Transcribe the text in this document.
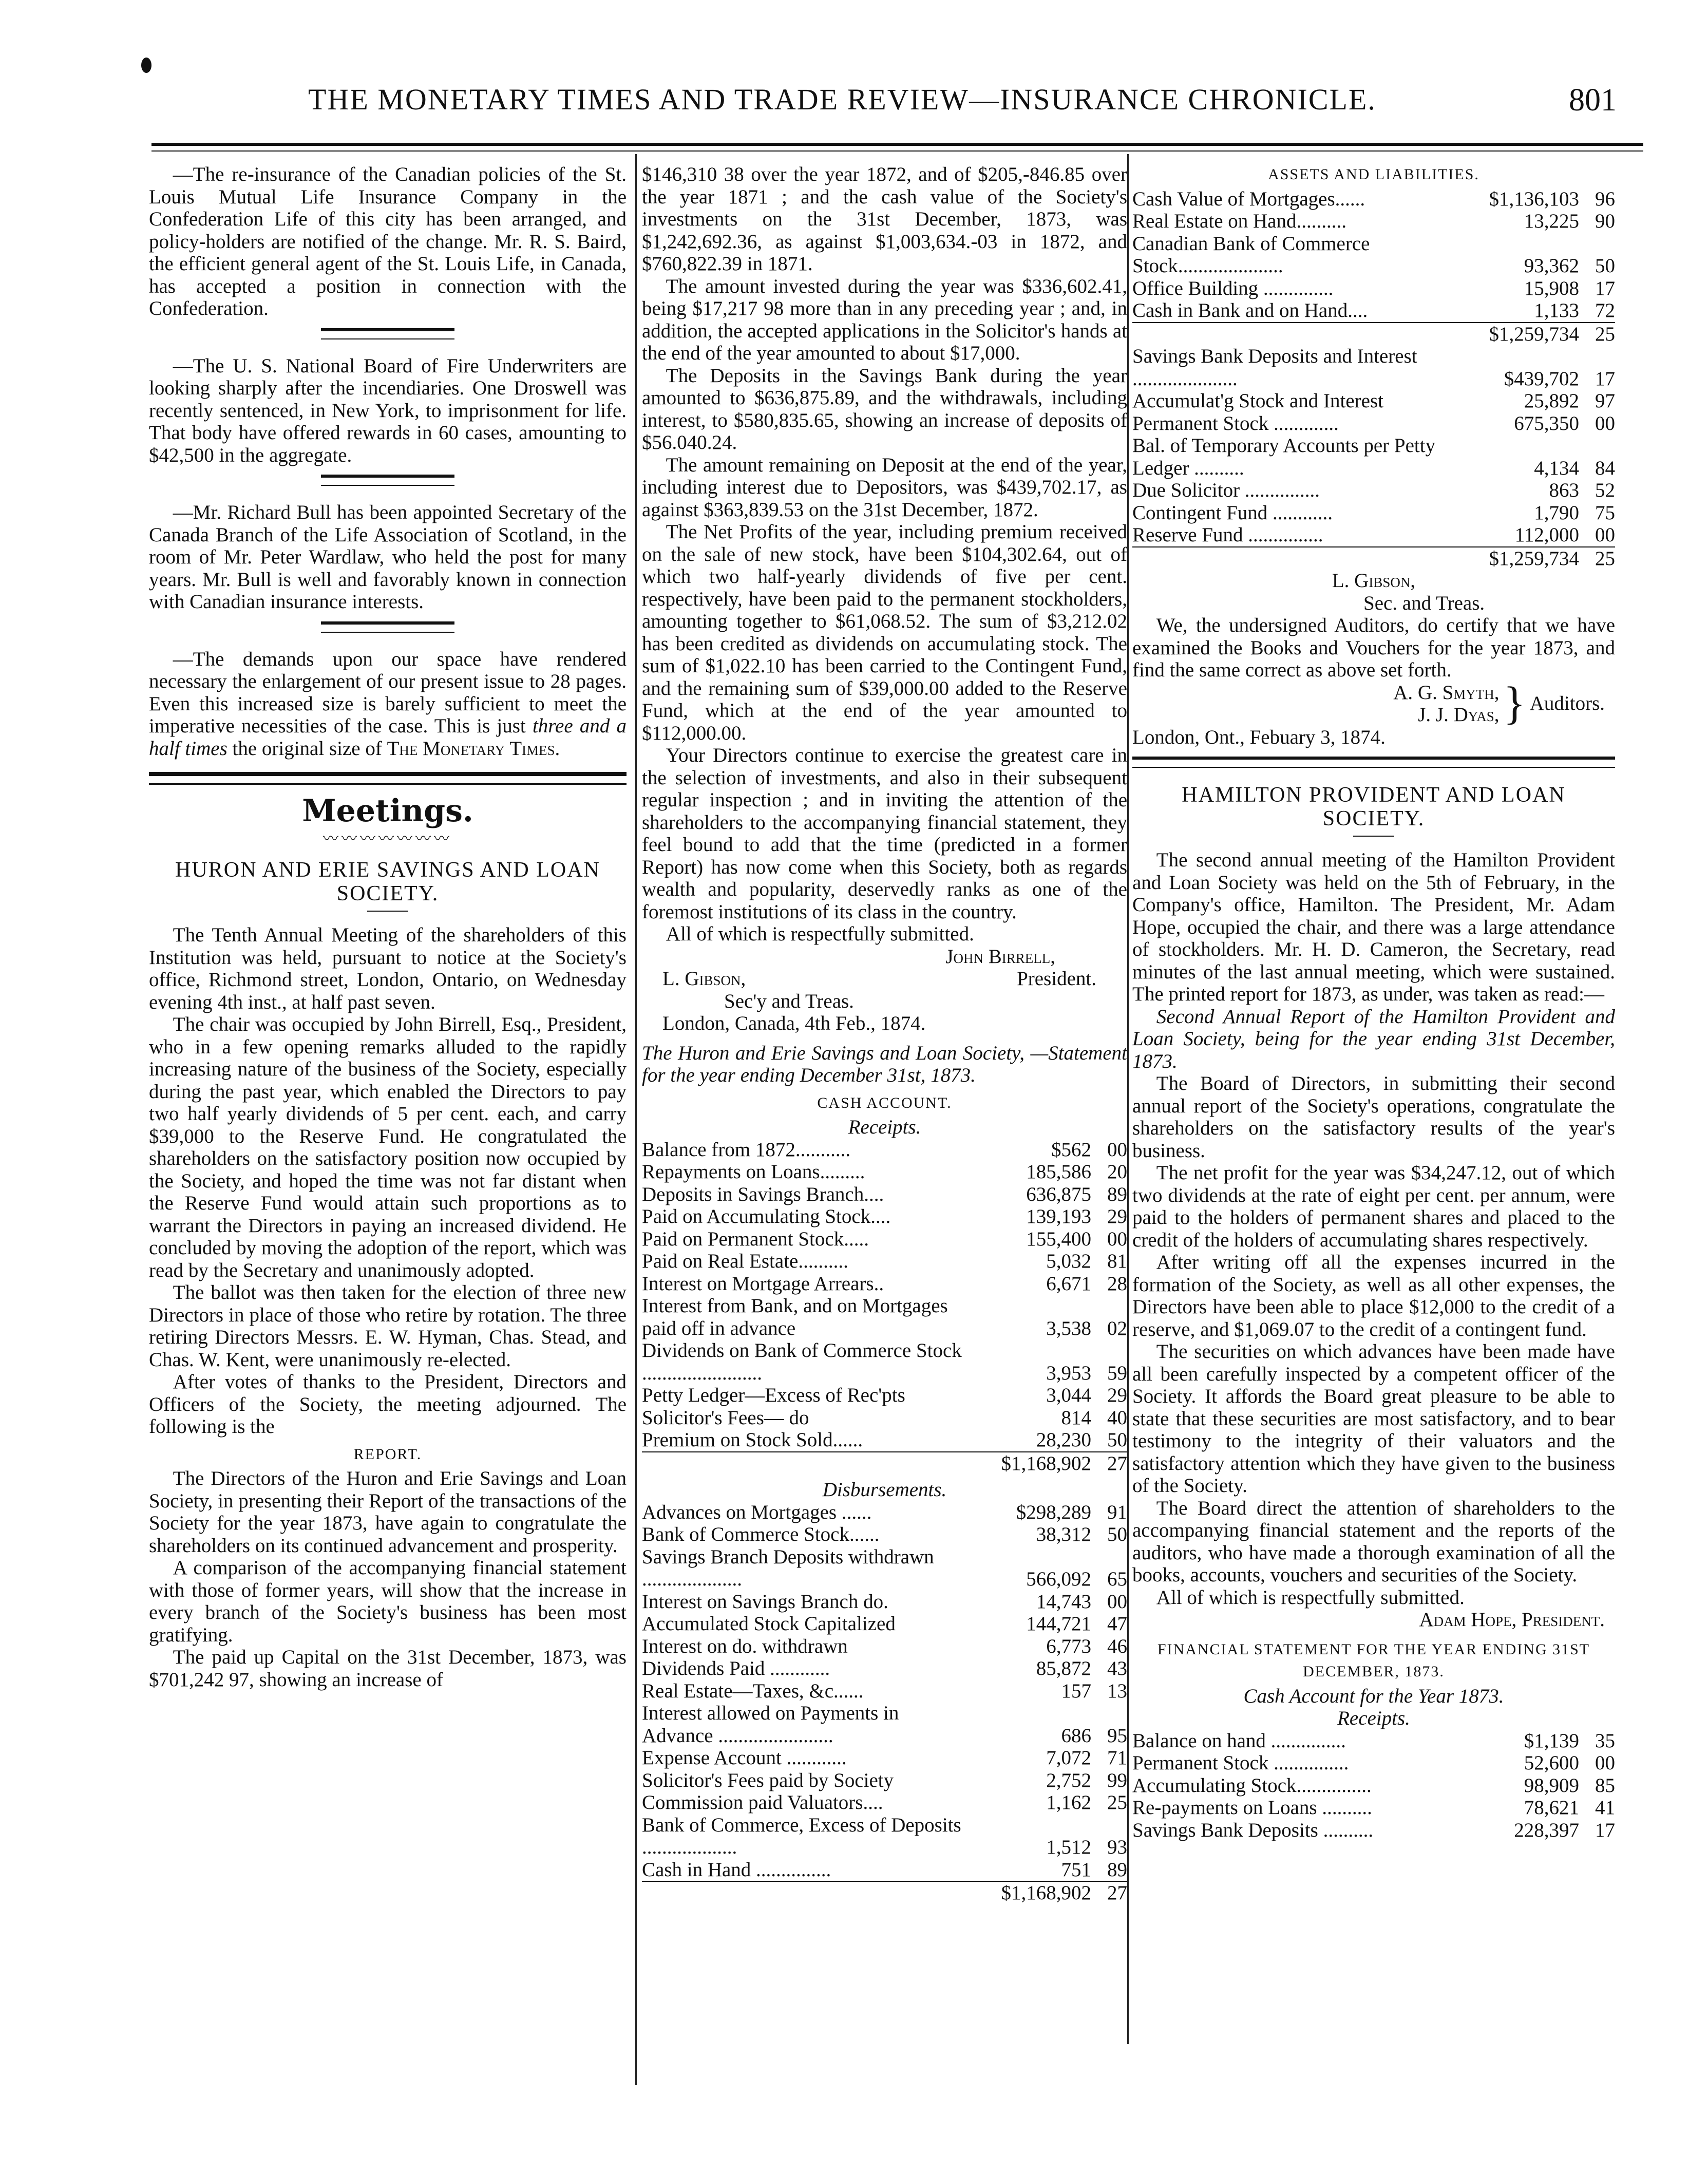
THE MONETARY TIMES AND TRADE REVIEW—INSURANCE CHRONICLE.	801

—The re-insurance of the Canadian policies of the St. Louis Mutual Life Insurance Company in the Confederation Life of this city has been arranged, and policy-holders are notified of the change. Mr. R. S. Baird, the efficient general agent of the St. Louis Life, in Canada, has accepted a position in connection with the Confederation.

—The U. S. National Board of Fire Underwriters are looking sharply after the incendiaries. One Droswell was recently sentenced, in New York, to imprisonment for life. That body have offered rewards in 60 cases, amounting to $42,500 in the aggregate.

—Mr. Richard Bull has been appointed Secretary of the Canada Branch of the Life Association of Scotland, in the room of Mr. Peter Wardlaw, who held the post for many years. Mr. Bull is well and favorably known in connection with Canadian insurance interests.

—The demands upon our space have rendered necessary the enlargement of our present issue to 28 pages. Even this increased size is barely sufficient to meet the imperative necessities of the case. This is just three and a half times the original size of The Monetary Times.

Meetings.
〰〰〰〰〰〰〰
HURON AND ERIE SAVINGS AND LOAN SOCIETY.

The Tenth Annual Meeting of the shareholders of this Institution was held, pursuant to notice at the Society's office, Richmond street, London, Ontario, on Wednesday evening 4th inst., at half past seven.

The chair was occupied by John Birrell, Esq., President, who in a few opening remarks alluded to the rapidly increasing nature of the business of the Society, especially during the past year, which enabled the Directors to pay two half yearly dividends of 5 per cent. each, and carry $39,000 to the Reserve Fund. He congratulated the shareholders on the satisfactory position now occupied by the Society, and hoped the time was not far distant when the Reserve Fund would attain such proportions as to warrant the Directors in paying an increased dividend. He concluded by moving the adoption of the report, which was read by the Secretary and unanimously adopted.

The ballot was then taken for the election of three new Directors in place of those who retire by rotation. The three retiring Directors Messrs. E. W. Hyman, Chas. Stead, and Chas. W. Kent, were unanimously re-elected.

After votes of thanks to the President, Directors and Officers of the Society, the meeting adjourned. The following is the

REPORT.

The Directors of the Huron and Erie Savings and Loan Society, in presenting their Report of the transactions of the Society for the year 1873, have again to congratulate the shareholders on its continued advancement and prosperity.

A comparison of the accompanying financial statement with those of former years, will show that the increase in every branch of the Society's business has been most gratifying.

The paid up Capital on the 31st December, 1873, was $701,242 97, showing an increase of

$146,310 38 over the year 1872, and of $205,-846.85 over the year 1871 ; and the cash value of the Society's investments on the 31st December, 1873, was $1,242,692.36, as against $1,003,634.-03 in 1872, and $760,822.39 in 1871.

The amount invested during the year was $336,602.41, being $17,217 98 more than in any preceding year ; and, in addition, the accepted applications in the Solicitor's hands at the end of the year amounted to about $17,000.

The Deposits in the Savings Bank during the year amounted to $636,875.89, and the withdrawals, including interest, to $580,835.65, showing an increase of deposits of $56.040.24.

The amount remaining on Deposit at the end of the year, including interest due to Depositors, was $439,702.17, as against $363,839.53 on the 31st December, 1872.

The Net Profits of the year, including premium received on the sale of new stock, have been $104,302.64, out of which two half-yearly dividends of five per cent. respectively, have been paid to the permanent stockholders, amounting together to $61,068.52. The sum of $3,212.02 has been credited as dividends on accumulating stock. The sum of $1,022.10 has been carried to the Contingent Fund, and the remaining sum of $39,000.00 added to the Reserve Fund, which at the end of the year amounted to $112,000.00.

Your Directors continue to exercise the greatest care in the selection of investments, and also in their subsequent regular inspection ; and in inviting the attention of the shareholders to the accompanying financial statement, they feel bound to add that the time (predicted in a former Report) has now come when this Society, both as regards wealth and popularity, deservedly ranks as one of the foremost institutions of its class in the country.

All of which is respectfully submitted.

John Birrell,

L. Gibson,	President.

Sec'y and Treas.

London, Canada, 4th Feb., 1874.

The Huron and Erie Savings and Loan Society, —Statement for the year ending December 31st, 1873.

CASH ACCOUNT.
Receipts.
Balance from 1872...........	$562	00
Repayments on Loans.........	185,586	20
Deposits in Savings Branch....	636,875	89
Paid on Accumulating Stock....	139,193	29
Paid on Permanent Stock.....	155,400	00
Paid on Real Estate..........	5,032	81
Interest on Mortgage Arrears..	6,671	28
Interest from Bank, and on Mortgages paid off in advance	3,538	02
Dividends on Bank of Commerce Stock ........................	3,953	59
Petty Ledger—Excess of Rec'pts	3,044	29
Solicitor's Fees— do	814	40
Premium on Stock Sold......	28,230	50
	$1,168,902	27
Disbursements.
Advances on Mortgages ......	$298,289	91
Bank of Commerce Stock......	38,312	50
Savings Branch Deposits withdrawn ....................	566,092	65
Interest on Savings Branch do.	14,743	00
Accumulated Stock Capitalized	144,721	47
Interest on do. withdrawn	6,773	46
Dividends Paid ............	85,872	43
Real Estate—Taxes, &c......	157	13
Interest allowed on Payments in Advance .......................	686	95
Expense Account ............	7,072	71
Solicitor's Fees paid by Society	2,752	99
Commission paid Valuators....	1,162	25
Bank of Commerce, Excess of Deposits ...................	1,512	93
Cash in Hand ...............	751	89
	$1,168,902	27
ASSETS AND LIABILITIES.
Cash Value of Mortgages......	$1,136,103	96
Real Estate on Hand..........	13,225	90
Canadian Bank of Commerce Stock.....................	93,362	50
Office Building ..............	15,908	17
Cash in Bank and on Hand....	1,133	72
	$1,259,734	25
Savings Bank Deposits and Interest .....................	$439,702	17
Accumulat'g Stock and Interest	25,892	97
Permanent Stock .............	675,350	00
Bal. of Temporary Accounts per Petty Ledger ..........	4,134	84
Due Solicitor ...............	863	52
Contingent Fund ............	1,790	75
Reserve Fund ...............	112,000	00
	$1,259,734	25

L. Gibson,

Sec. and Treas.

We, the undersigned Auditors, do certify that we have examined the Books and Vouchers for the year 1873, and find the same correct as above set forth.

A. G. Smyth,
J. J. Dyas, } Auditors.

London, Ont., Febuary 3, 1874.

HAMILTON PROVIDENT AND LOAN SOCIETY.

The second annual meeting of the Hamilton Provident and Loan Society was held on the 5th of February, in the Company's office, Hamilton. The President, Mr. Adam Hope, occupied the chair, and there was a large attendance of stockholders. Mr. H. D. Cameron, the Secretary, read minutes of the last annual meeting, which were sustained. The printed report for 1873, as under, was taken as read:—

Second Annual Report of the Hamilton Provident and Loan Society, being for the year ending 31st December, 1873.

The Board of Directors, in submitting their second annual report of the Society's operations, congratulate the shareholders on the satisfactory results of the year's business.

The net profit for the year was $34,247.12, out of which two dividends at the rate of eight per cent. per annum, were paid to the holders of permanent shares and placed to the credit of the holders of accumulating shares respectively.

After writing off all the expenses incurred in the formation of the Society, as well as all other expenses, the Directors have been able to place $12,000 to the credit of a reserve, and $1,069.07 to the credit of a contingent fund.

The securities on which advances have been made have all been carefully inspected by a competent officer of the Society. It affords the Board great pleasure to be able to state that these securities are most satisfactory, and to bear testimony to the integrity of their valuators and the satisfactory attention which they have given to the business of the Society.

The Board direct the attention of shareholders to the accompanying financial statement and the reports of the auditors, who have made a thorough examination of all the books, accounts, vouchers and securities of the Society.

All of which is respectfully submitted.

Adam Hope, President.

FINANCIAL STATEMENT FOR THE YEAR ENDING 31ST DECEMBER, 1873.
Cash Account for the Year 1873.
Receipts.
Balance on hand ...............	$1,139	35
Permanent Stock ...............	52,600	00
Accumulating Stock...............	98,909	85
Re-payments on Loans ..........	78,621	41
Savings Bank Deposits ..........	228,397	17
